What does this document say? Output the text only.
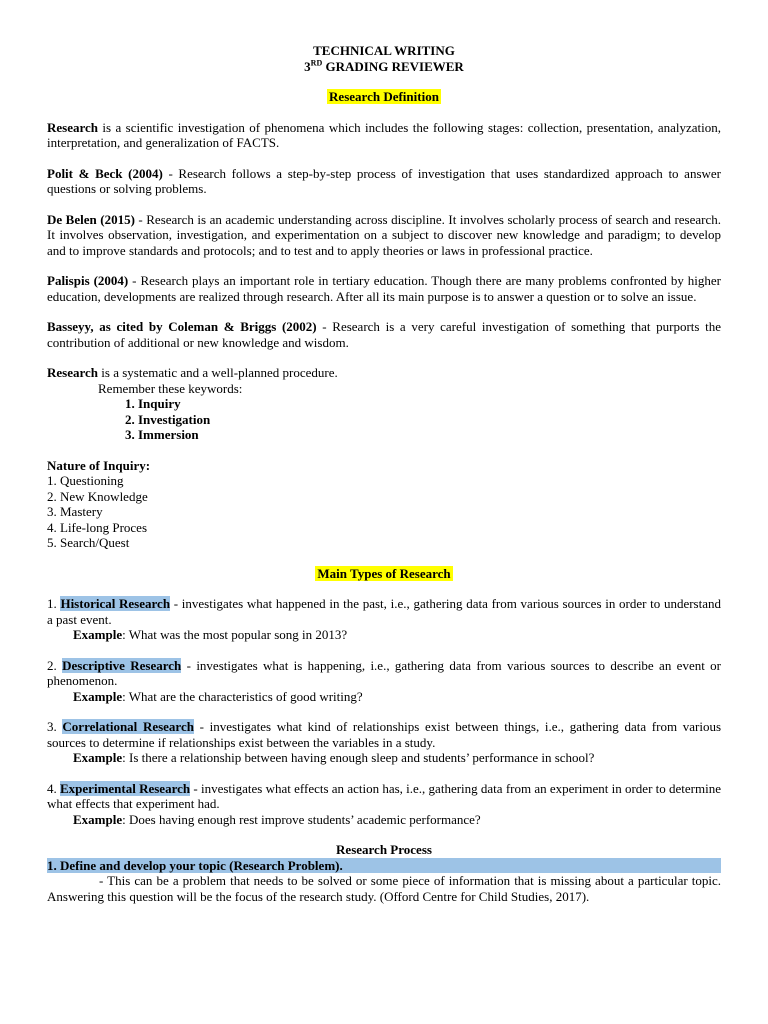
TECHNICAL WRITING
3RD GRADING REVIEWER
Research Definition

Research is a scientific investigation of phenomena which includes the following stages: collection, presentation, analyzation, interpretation, and generalization of FACTS.

Polit & Beck (2004) - Research follows a step-by-step process of investigation that uses standardized approach to answer questions or solving problems.

De Belen (2015) - Research is an academic understanding across discipline. It involves scholarly process of search and research. It involves observation, investigation, and experimentation on a subject to discover new knowledge and paradigm; to develop and to improve standards and protocols; and to test and to apply theories or laws in professional practice.

Palispis (2004) - Research plays an important role in tertiary education. Though there are many problems confronted by higher education, developments are realized through research. After all its main purpose is to answer a question or to solve an issue.

Basseyy, as cited by Coleman & Briggs (2002) - Research is a very careful investigation of something that purports the contribution of additional or new knowledge and wisdom.

Research is a systematic and a well-planned procedure.

Remember these keywords:
1. Inquiry
2. Investigation
3. Immersion
Nature of Inquiry:
1. Questioning
2. New Knowledge
3. Mastery
4. Life-long Proces
5. Search/Quest
Main Types of Research

1. Historical Research - investigates what happened in the past, i.e., gathering data from various sources in order to understand a past event.

Example: What was the most popular song in 2013?

2. Descriptive Research - investigates what is happening, i.e., gathering data from various sources to describe an event or phenomenon.

Example: What are the characteristics of good writing?

3. Correlational Research - investigates what kind of relationships exist between things, i.e., gathering data from various sources to determine if relationships exist between the variables in a study.

Example: Is there a relationship between having enough sleep and students’ performance in school?

4. Experimental Research - investigates what effects an action has, i.e., gathering data from an experiment in order to determine what effects that experiment had.

Example: Does having enough rest improve students’ academic performance?
Research Process
1. Define and develop your topic (Research Problem).

- This can be a problem that needs to be solved or some piece of information that is missing about a particular topic. Answering this question will be the focus of the research study. (Offord Centre for Child Studies, 2017).
